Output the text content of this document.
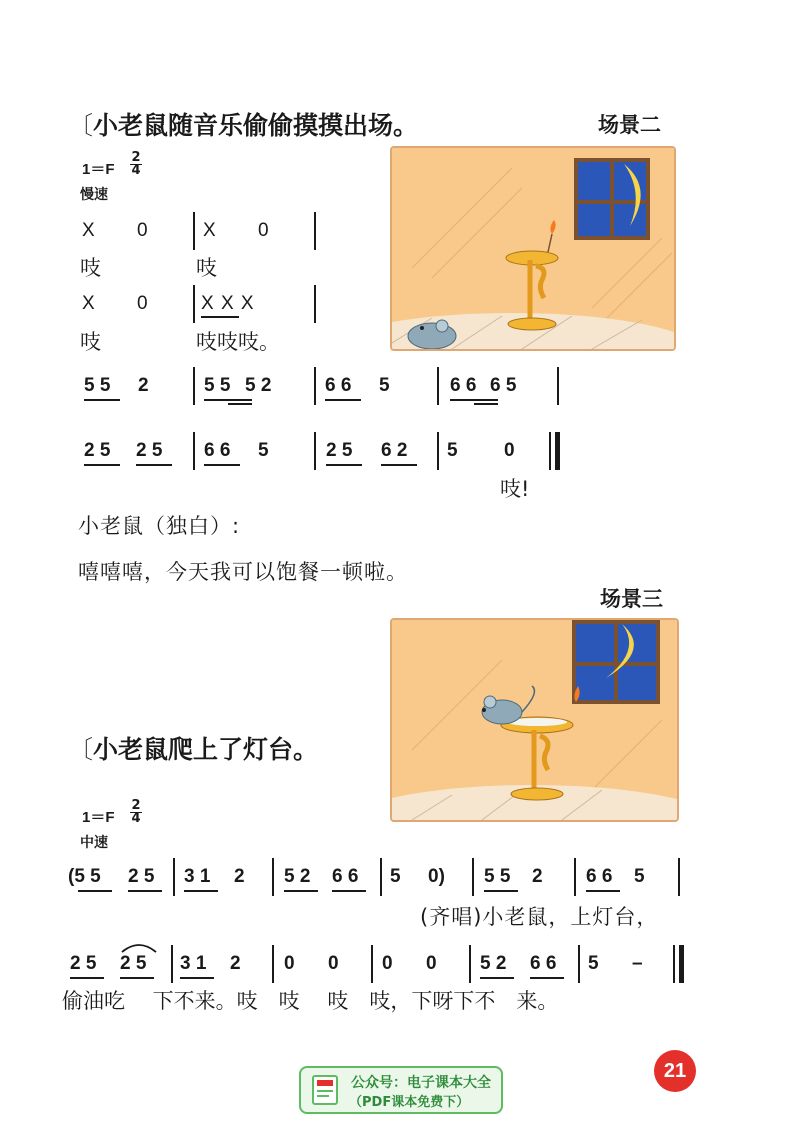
〔小老鼠随音乐偷偷摸摸出场。	场景二
$1=F \frac{2}{4}$
慢速
X 0	X 0
吱	吱
X 0	X X X
吱	吱吱吱。
5 5 2	5 5 5 2	6 6 5	6 6 6 5
2 5 2 5 6 6 5	2 5 6 2 5 0
吱!
小老鼠（独白）:
嘻嘻嘻，今天我可以饱餐一顿啦。
场景三
〔小老鼠爬上了灯台。
$1=F \frac{2}{4}$
中速
(5 5 2 5 3 1 2 5 2 6 6 5 0) 5 5 2 6 6 5
(齐唱)小老鼠，上灯台，
2 5 2 5 3 1 2 0 0 0 0 5 2 6 6 5 –
偷油吃　 下不来。吱　吱　 吱　吱，下呀下不　来。
21
公众号：电子课本大全
（PDF课本免费下）
